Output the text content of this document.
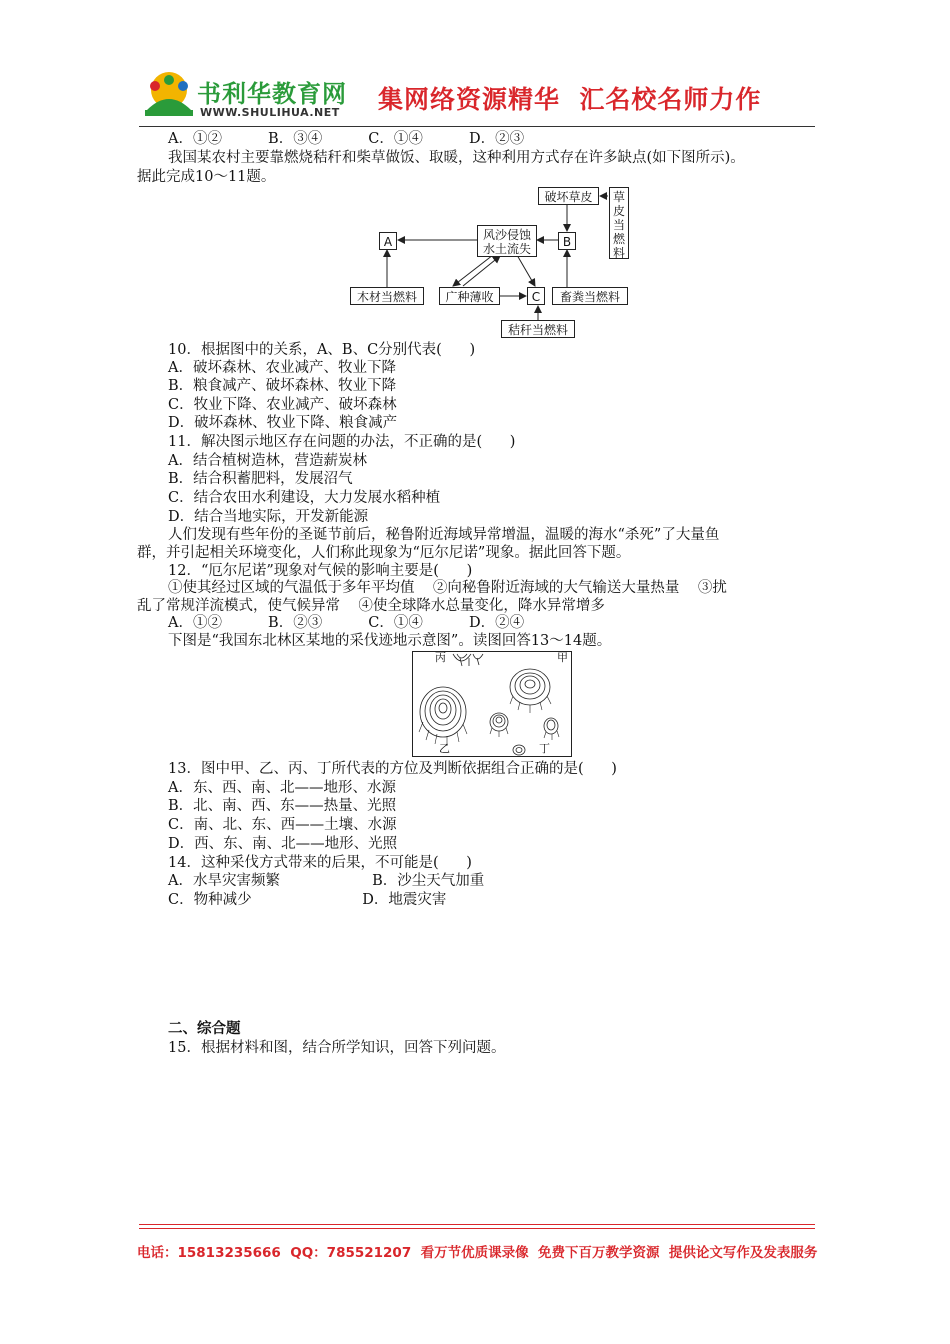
书利华教育网
WWW.SHULIHUA.NET 集网络资源精华  汇名校名师力作
A．①②          B．③④          C．①④          D．②③
我国某农村主要靠燃烧秸秆和柴草做饭、取暖，这种利用方式存在许多缺点(如下图所示)。
据此完成10～11题。
破坏草皮	草皮当燃料
A	风沙侵蚀水土流失	B
木材当燃料	广种薄收	C	畜粪当燃料
秸秆当燃料
10．根据图中的关系，A、B、C分别代表(      )
A．破坏森林、农业减产、牧业下降
B．粮食减产、破坏森林、牧业下降
C．牧业下降、农业减产、破坏森林
D．破坏森林、牧业下降、粮食减产
11．解决图示地区存在问题的办法，不正确的是(      )
A．结合植树造林，营造薪炭林
B．结合积蓄肥料，发展沼气
C．结合农田水利建设，大力发展水稻种植
D．结合当地实际，开发新能源
人们发现有些年份的圣诞节前后，秘鲁附近海域异常增温，温暖的海水“杀死”了大量鱼
群，并引起相关环境变化，人们称此现象为“厄尔尼诺”现象。据此回答下题。
12．“厄尔尼诺”现象对气候的影响主要是(      )
①使其经过区域的气温低于多年平均值    ②向秘鲁附近海域的大气输送大量热量    ③扰
乱了常规洋流模式，使气候异常    ④使全球降水总量变化，降水异常增多
A．①②          B．②③          C．①④          D．②④
下图是“我国东北林区某地的采伐迹地示意图”。读图回答13～14题。
丙	甲
乙	丁
13．图中甲、乙、丙、丁所代表的方位及判断依据组合正确的是(      )
A．东、西、南、北——地形、水源
B．北、南、西、东——热量、光照
C．南、北、东、西——土壤、水源
D．西、东、南、北——地形、光照
14．这种采伐方式带来的后果，不可能是(      )
A．水旱灾害频繁                    B．沙尘天气加重
C．物种减少                        D．地震灾害
二、综合题
15．根据材料和图，结合所学知识，回答下列问题。
电话：15813235666  QQ：785521207  看万节优质课录像  免费下百万教学资源  提供论文写作及发表服务
